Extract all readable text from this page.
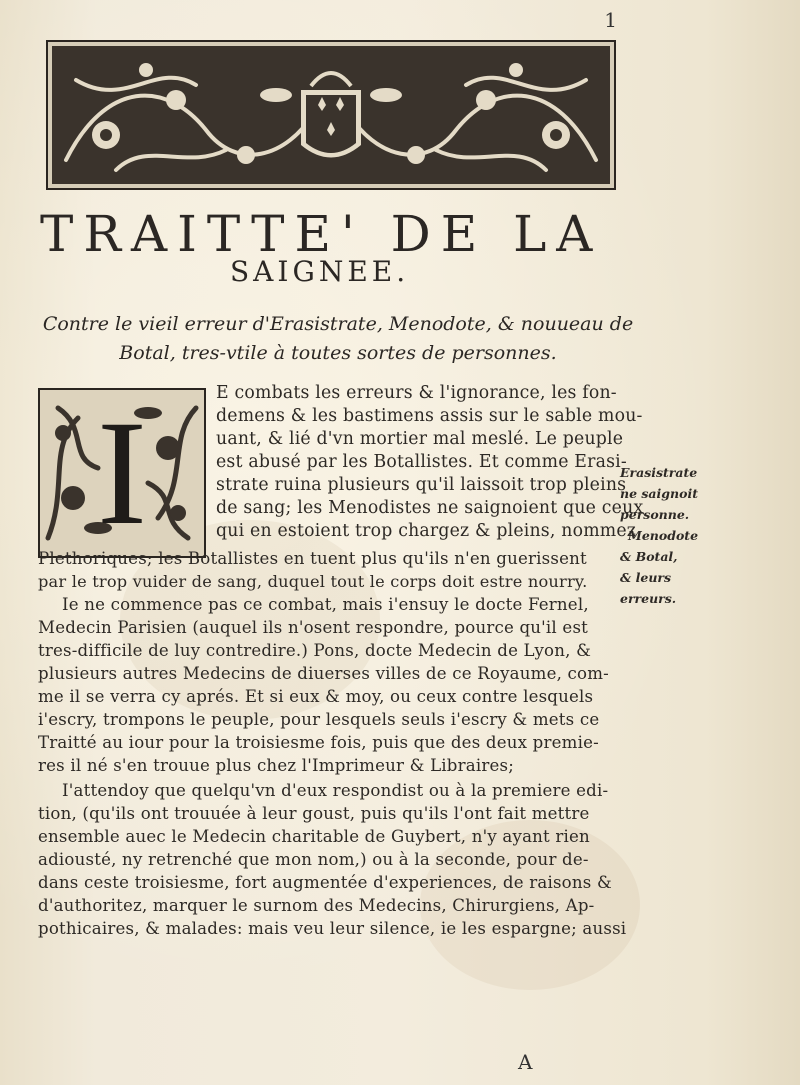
1
TRAITTE' DE LA
SAIGNEE.
Contre le vieil erreur d'Erasistrate, Menodote, & nouueau de
Botal, tres-vtile à toutes sortes de personnes.
I	E combats les erreurs & l'ignorance, les fon-
demens & les bastimens assis sur le sable mou-
uant, & lié d'vn mortier mal meslé. Le peuple
est abusé par les Botallistes. Et comme Erasi-
strate ruina plusieurs qu'il laissoit trop pleins
de sang; les Menodistes ne saignoient que ceux
qui en estoient trop chargez & pleins, nommez
Plethoriques; les Botallistes en tuent plus qu'ils n'en guerissent
par le trop vuider de sang, duquel tout le corps doit estre nourry.
Ie ne commence pas ce combat, mais i'ensuy le docte Fernel,
Medecin Parisien (auquel ils n'osent respondre, pource qu'il est
tres-difficile de luy contredire.) Pons, docte Medecin de Lyon, &
plusieurs autres Medecins de diuerses villes de ce Royaume, com-
me il se verra cy aprés. Et si eux & moy, ou ceux contre lesquels
i'escry, trompons le peuple, pour lesquels seuls i'escry & mets ce
Traitté au iour pour la troisiesme fois, puis que des deux premie-
res il né s'en trouue plus chez l'Imprimeur & Libraires;
I'attendoy que quelqu'vn d'eux respondist ou à la premiere edi-
tion, (qu'ils ont trouuée à leur goust, puis qu'ils l'ont fait mettre
ensemble auec le Medecin charitable de Guybert, n'y ayant rien
adiousté, ny retrenché que mon nom,) ou à la seconde, pour de-
dans ceste troisiesme, fort augmentée d'experiences, de raisons &
d'authoritez, marquer le surnom des Medecins, Chirurgiens, Ap-
pothicaires, & malades: mais veu leur silence, ie les espargne; aussi
Erasistrate
ne saignoit
personne.
Menodote
& Botal,
& leurs
erreurs.
A
